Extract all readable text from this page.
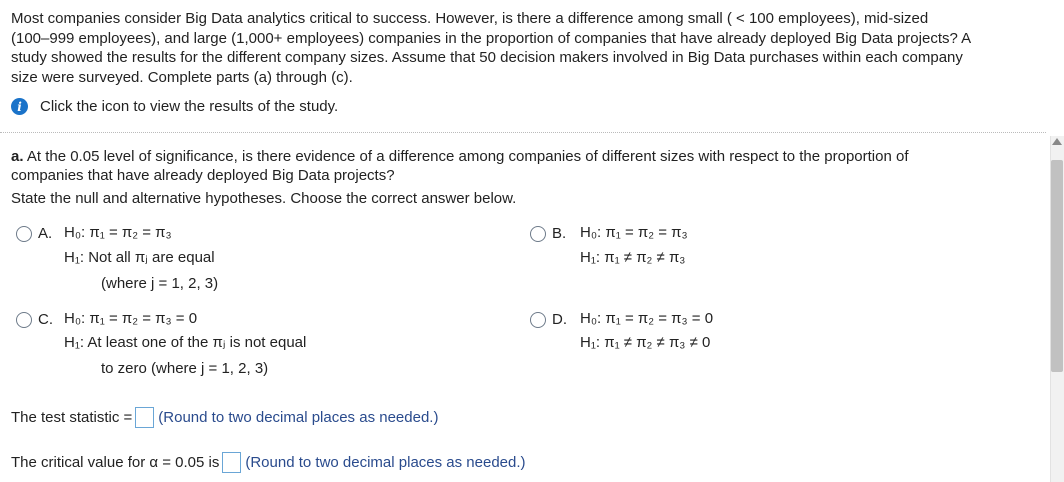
Most companies consider Big Data analytics critical to success. However, is there a difference among small ( < 100 employees), mid-sized

(100–999 employees), and large (1,000+ employees) companies in the proportion of companies that have already deployed Big Data projects? A

study showed the results for the different company sizes. Assume that 50 decision makers involved in Big Data purchases within each company

size were surveyed. Complete parts (a) through (c).

i	Click the icon to view the results of the study.
a. At the 0.05 level of significance, is there evidence of a difference among companies of different sizes with respect to the proportion of
companies that have already deployed Big Data projects?
State the null and alternative hypotheses. Choose the correct answer below.
A. H₀: π₁ = π₂ = π₃
H₁: Not all πⱼ are equal
(where j = 1, 2, 3)
B. H₀: π₁ = π₂ = π₃
H₁: π₁ ≠ π₂ ≠ π₃
C. H₀: π₁ = π₂ = π₃ = 0
H₁: At least one of the πⱼ is not equal
to zero (where j = 1, 2, 3)
D. H₀: π₁ = π₂ = π₃ = 0
H₁: π₁ ≠ π₂ ≠ π₃ ≠ 0
The test statistic = (Round to two decimal places as needed.)
The critical value for α = 0.05 is (Round to two decimal places as needed.)
